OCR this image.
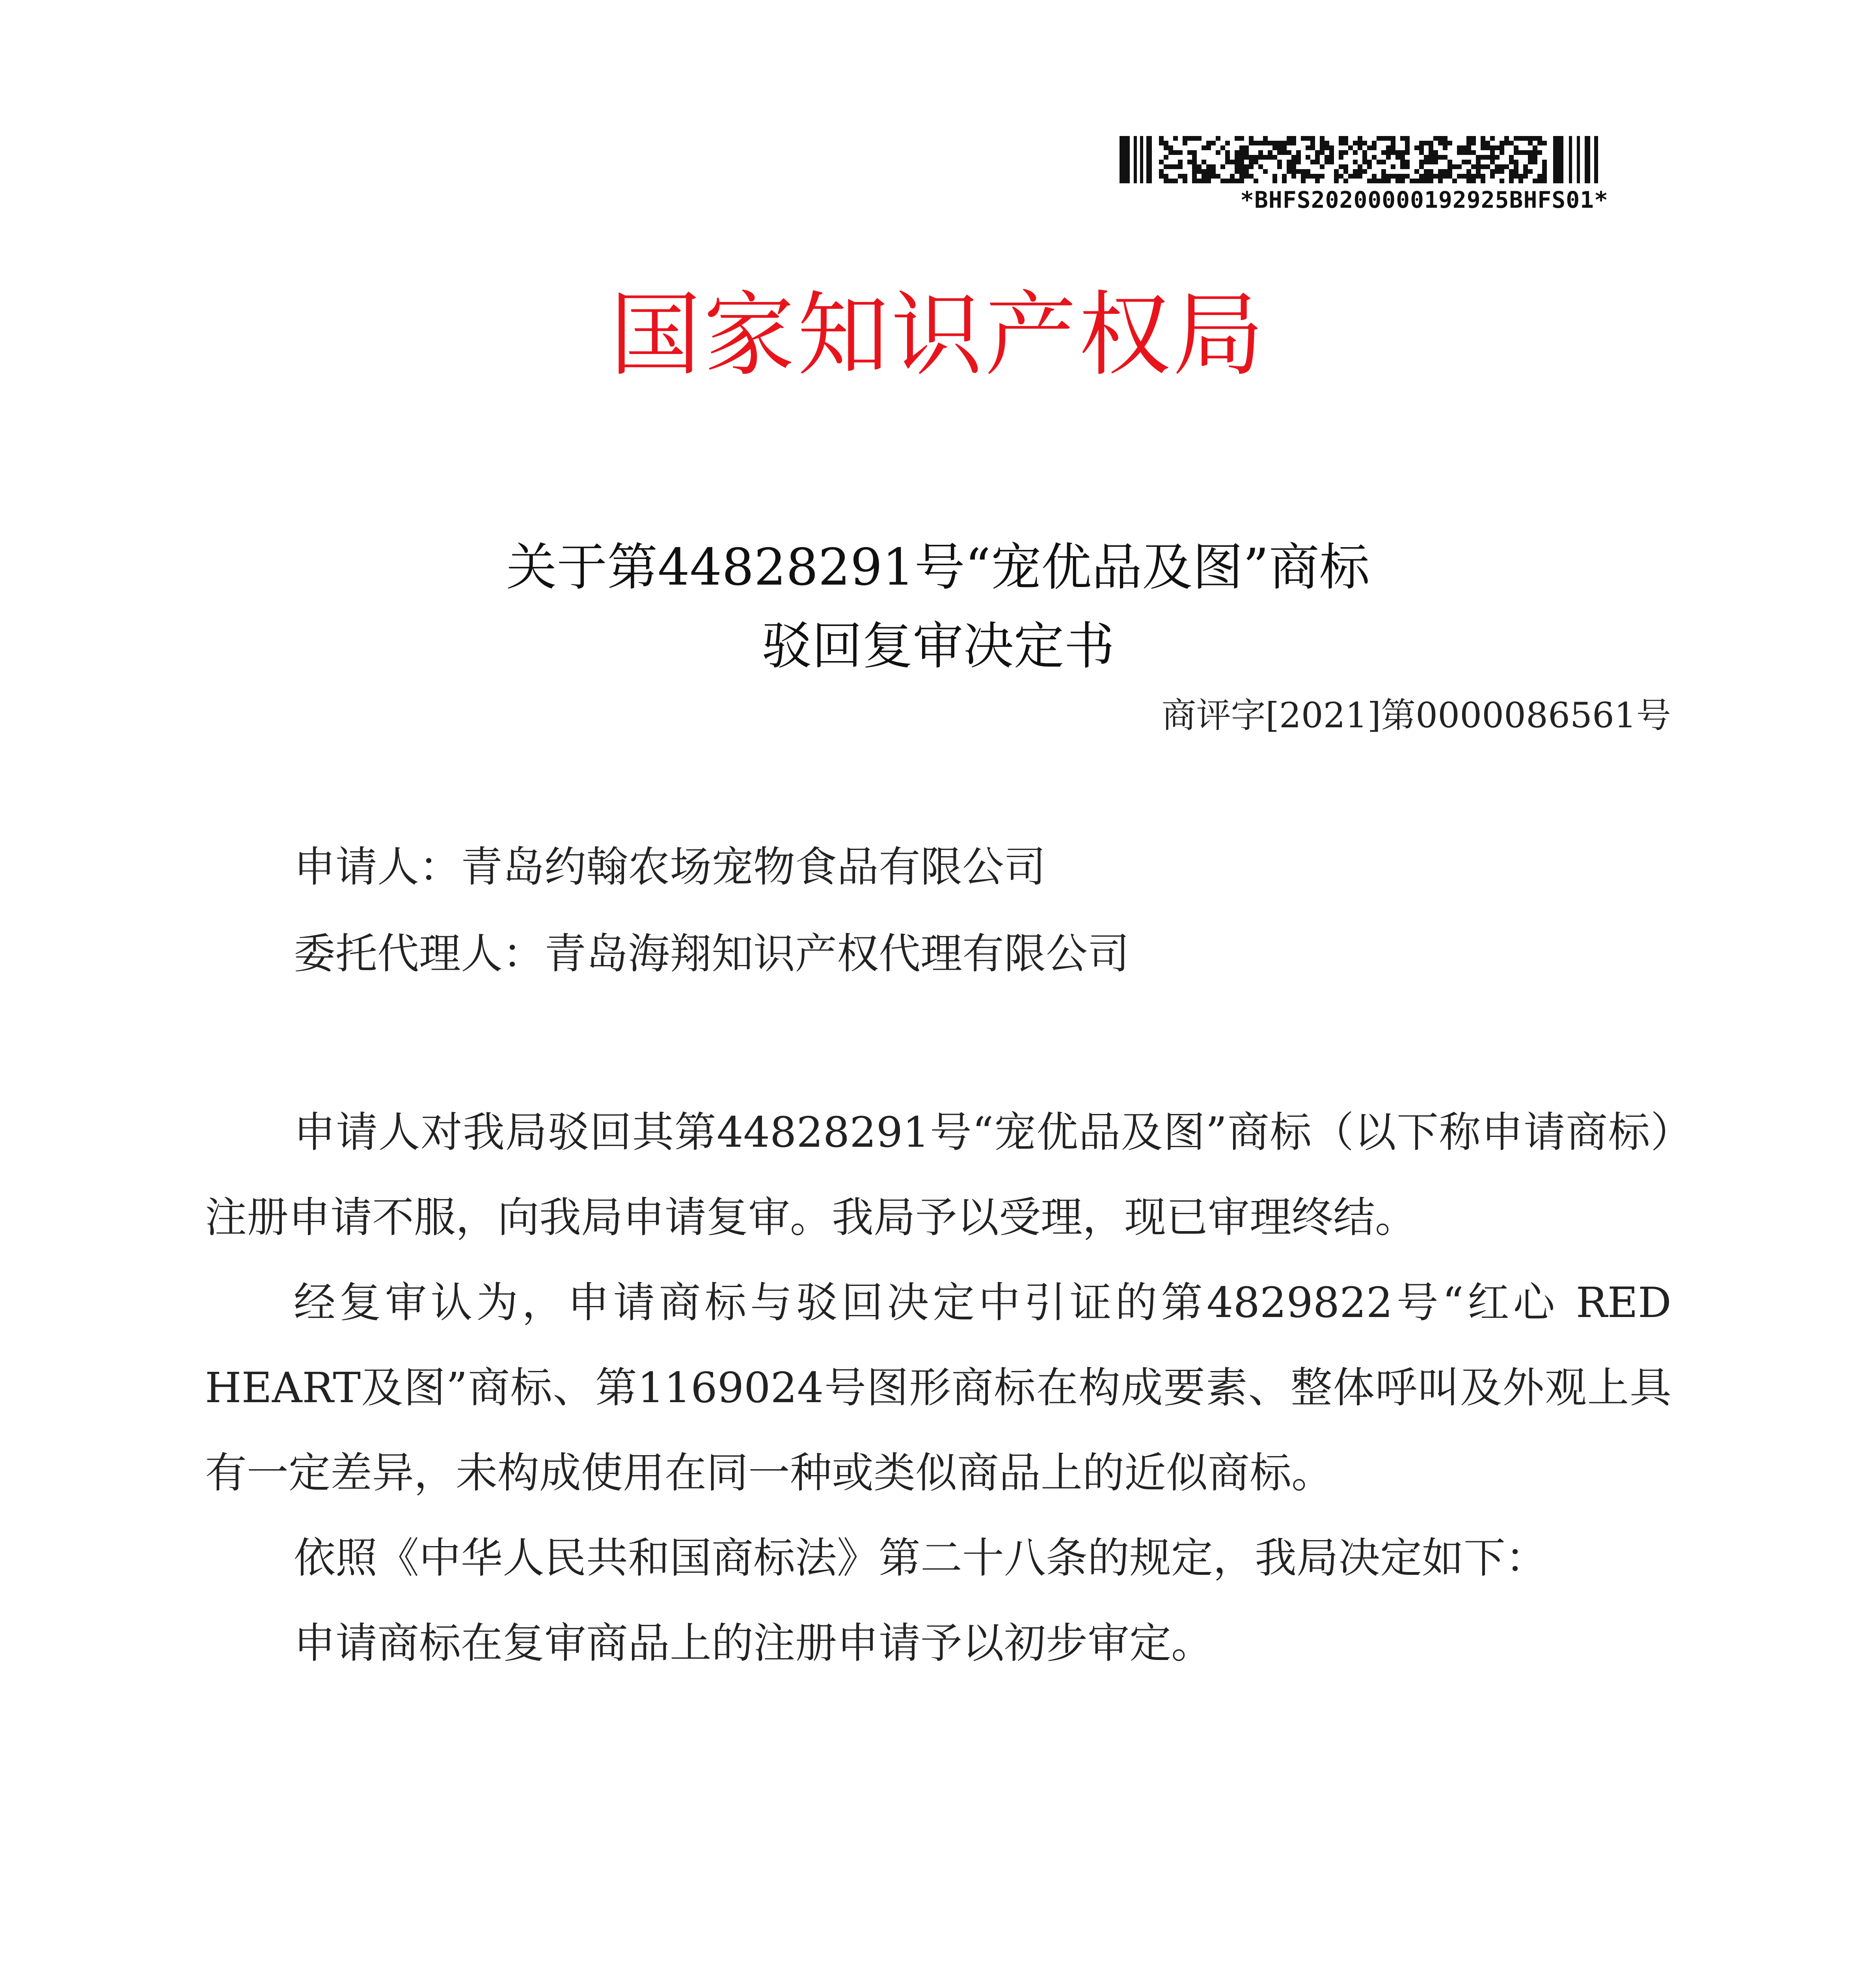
*BHFS20200000192925BHFS01*
国家知识产权局
关于第44828291号“宠优品及图”商标
驳回复审决定书
商评字[2021]第0000086561号
申请人：青岛约翰农场宠物食品有限公司
委托代理人：青岛海翔知识产权代理有限公司

申请人对我局驳回其第44828291号“宠优品及图”商标（以下称申请商标）注册申请不服，向我局申请复审。我局予以受理，现已审理终结。

经复审认为，申请商标与驳回决定中引证的第4829822号“红心 RED HEART及图”商标、第1169024号图形商标在构成要素、整体呼叫及外观上具有一定差异，未构成使用在同一种或类似商品上的近似商标。

依照《中华人民共和国商标法》第二十八条的规定，我局决定如下：

申请商标在复审商品上的注册申请予以初步审定。
